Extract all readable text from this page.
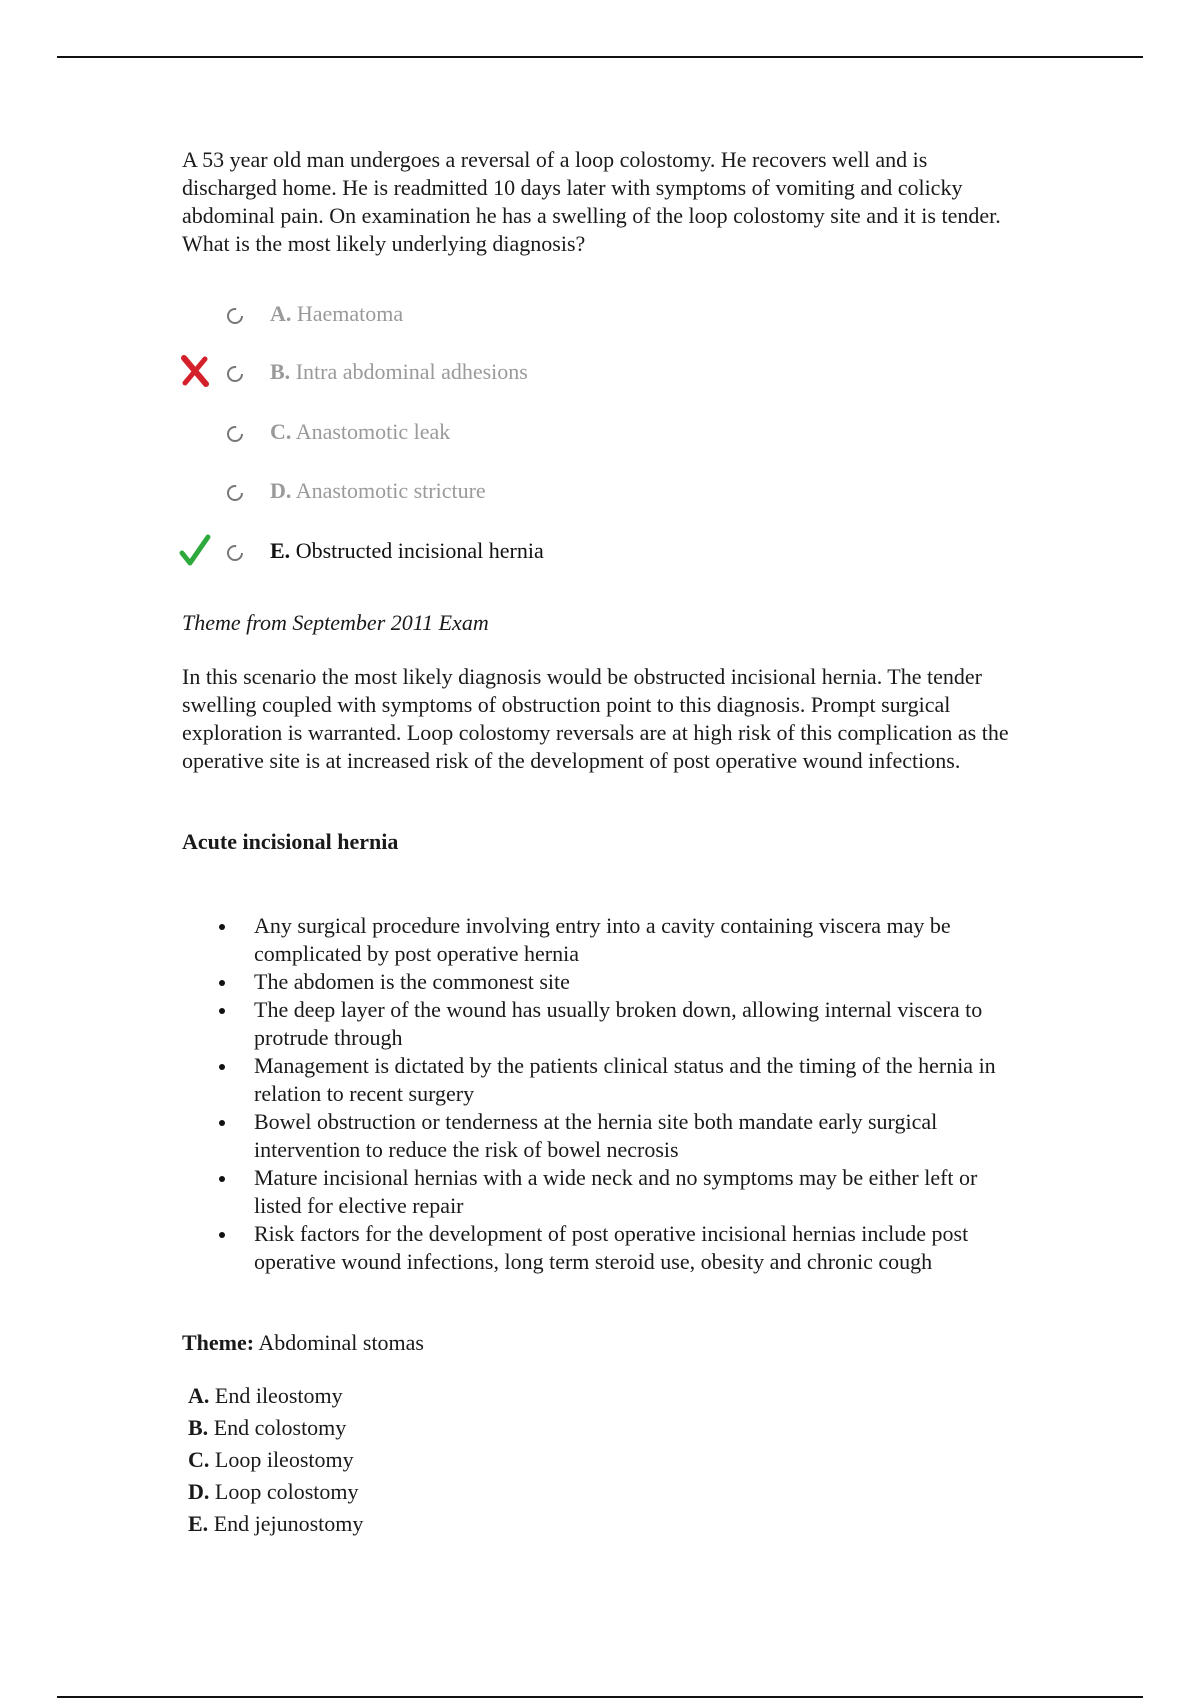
A 53 year old man undergoes a reversal of a loop colostomy. He recovers well and is discharged home. He is readmitted 10 days later with symptoms of vomiting and colicky abdominal pain. On examination he has a swelling of the loop colostomy site and it is tender. What is the most likely underlying diagnosis?

A. Haematoma
B. Intra abdominal adhesions
C. Anastomotic leak
D. Anastomotic stricture
E. Obstructed incisional hernia

Theme from September 2011 Exam

In this scenario the most likely diagnosis would be obstructed incisional hernia. The tender swelling coupled with symptoms of obstruction point to this diagnosis. Prompt surgical exploration is warranted. Loop colostomy reversals are at high risk of this complication as the operative site is at increased risk of the development of post operative wound infections.

Acute incisional hernia

Any surgical procedure involving entry into a cavity containing viscera may be complicated by post operative hernia
The abdomen is the commonest site
The deep layer of the wound has usually broken down, allowing internal viscera to protrude through
Management is dictated by the patients clinical status and the timing of the hernia in relation to recent surgery
Bowel obstruction or tenderness at the hernia site both mandate early surgical intervention to reduce the risk of bowel necrosis
Mature incisional hernias with a wide neck and no symptoms may be either left or listed for elective repair
Risk factors for the development of post operative incisional hernias include post operative wound infections, long term steroid use, obesity and chronic cough

Theme: Abdominal stomas

A. End ileostomy
B. End colostomy
C. Loop ileostomy
D. Loop colostomy
E. End jejunostomy
